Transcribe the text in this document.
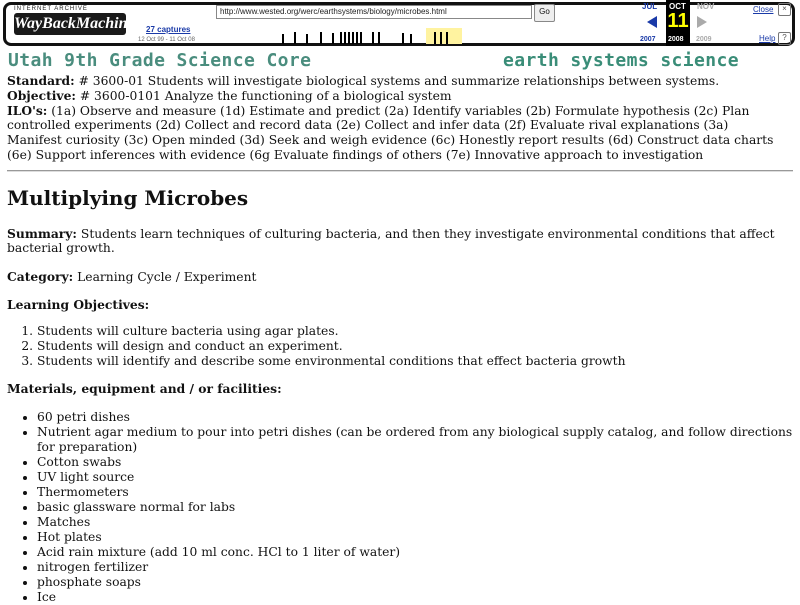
INTERNET ARCHIVE
WayBackMachine 27 captures
12 Oct 99 - 11 Oct 08
http://www.wested.org/werc/earthsystems/biology/microbes.html	Go
JUL
2007
OCT
11
2008
NOV
2009
Close	×
Help ?
Utah 9th Grade Science Core	earth systems science
Standard: # 3600-01 Students will investigate biological systems and summarize relationships between systems.
Objective: # 3600-0101 Analyze the functioning of a biological system
ILO's: (1a) Observe and measure (1d) Estimate and predict (2a) Identify variables (2b) Formulate hypothesis (2c) Plan
controlled experiments (2d) Collect and record data (2e) Collect and infer data (2f) Evaluate rival explanations (3a)
Manifest curiosity (3c) Open minded (3d) Seek and weigh evidence (6c) Honestly report results (6d) Construct data charts
(6e) Support inferences with evidence (6g Evaluate findings of others (7e) Innovative approach to investigation
Multiplying Microbes
Summary: Students learn techniques of culturing bacteria, and then they investigate environmental conditions that affect
bacterial growth.
Category: Learning Cycle / Experiment
Learning Objectives:
1. Students will culture bacteria using agar plates.
2. Students will design and conduct an experiment.
3. Students will identify and describe some environmental conditions that effect bacteria growth
Materials, equipment and / or facilities:
• 60 petri dishes
• Nutrient agar medium to pour into petri dishes (can be ordered from any biological supply catalog, and follow directions for preparation)
• Cotton swabs
• UV light source
• Thermometers
• basic glassware normal for labs
• Matches
• Hot plates
• Acid rain mixture (add 10 ml conc. HCl to 1 liter of water)
• nitrogen fertilizer
• phosphate soaps
• Ice
